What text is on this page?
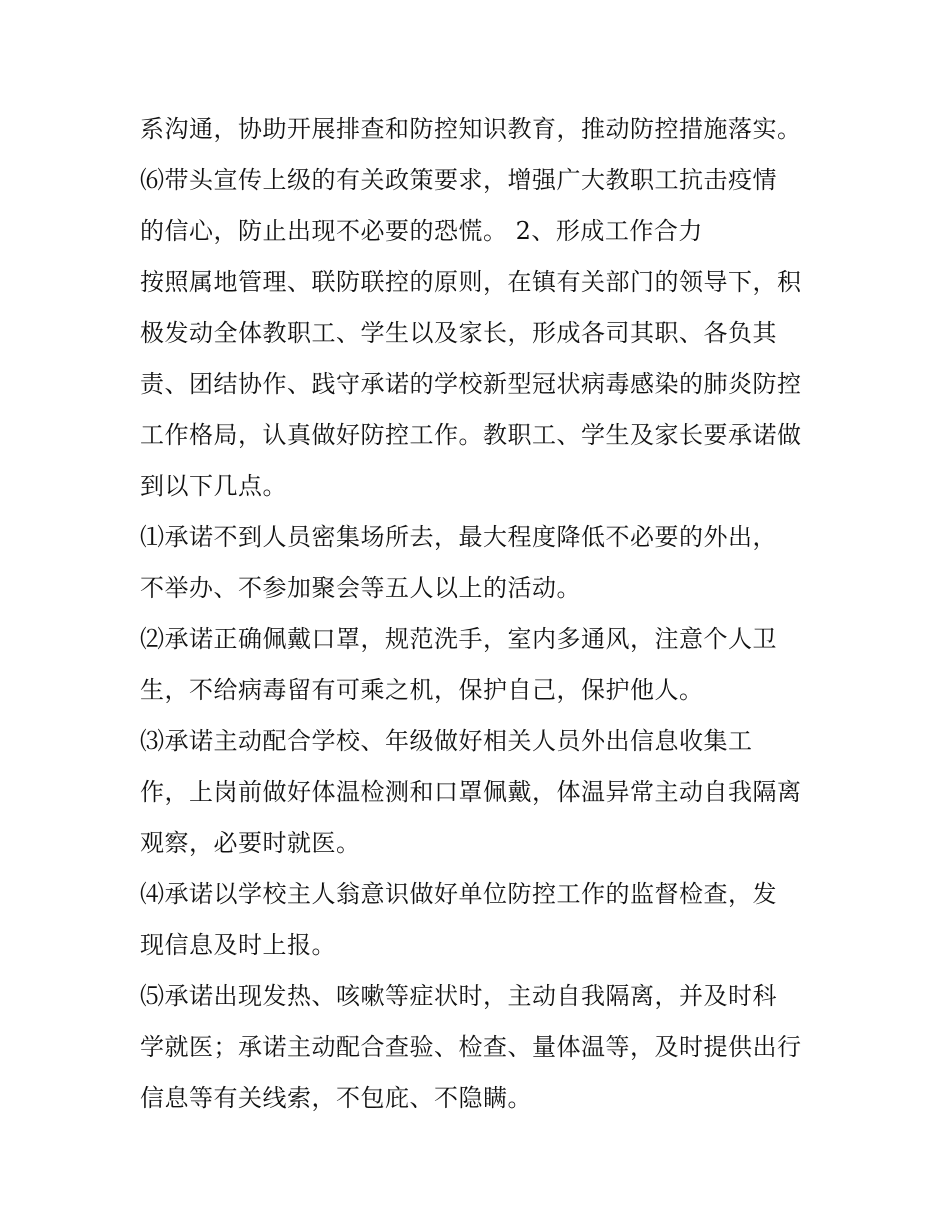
系沟通，协助开展排查和防控知识教育，推动防控措施落实。
⑹带头宣传上级的有关政策要求，增强广大教职工抗击疫情
的信心，防止出现不必要的恐慌。 2、形成工作合力
按照属地管理、联防联控的原则，在镇有关部门的领导下，积
极发动全体教职工、学生以及家长，形成各司其职、各负其
责、团结协作、践守承诺的学校新型冠状病毒感染的肺炎防控
工作格局，认真做好防控工作。教职工、学生及家长要承诺做
到以下几点。
⑴承诺不到人员密集场所去，最大程度降低不必要的外出，
不举办、不参加聚会等五人以上的活动。
⑵承诺正确佩戴口罩，规范洗手，室内多通风，注意个人卫
生，不给病毒留有可乘之机，保护自己，保护他人。
⑶承诺主动配合学校、年级做好相关人员外出信息收集工
作，上岗前做好体温检测和口罩佩戴，体温异常主动自我隔离
观察，必要时就医。
⑷承诺以学校主人翁意识做好单位防控工作的监督检查，发
现信息及时上报。
⑸承诺出现发热、咳嗽等症状时，主动自我隔离，并及时科
学就医；承诺主动配合查验、检查、量体温等，及时提供出行
信息等有关线索，不包庇、不隐瞒。
